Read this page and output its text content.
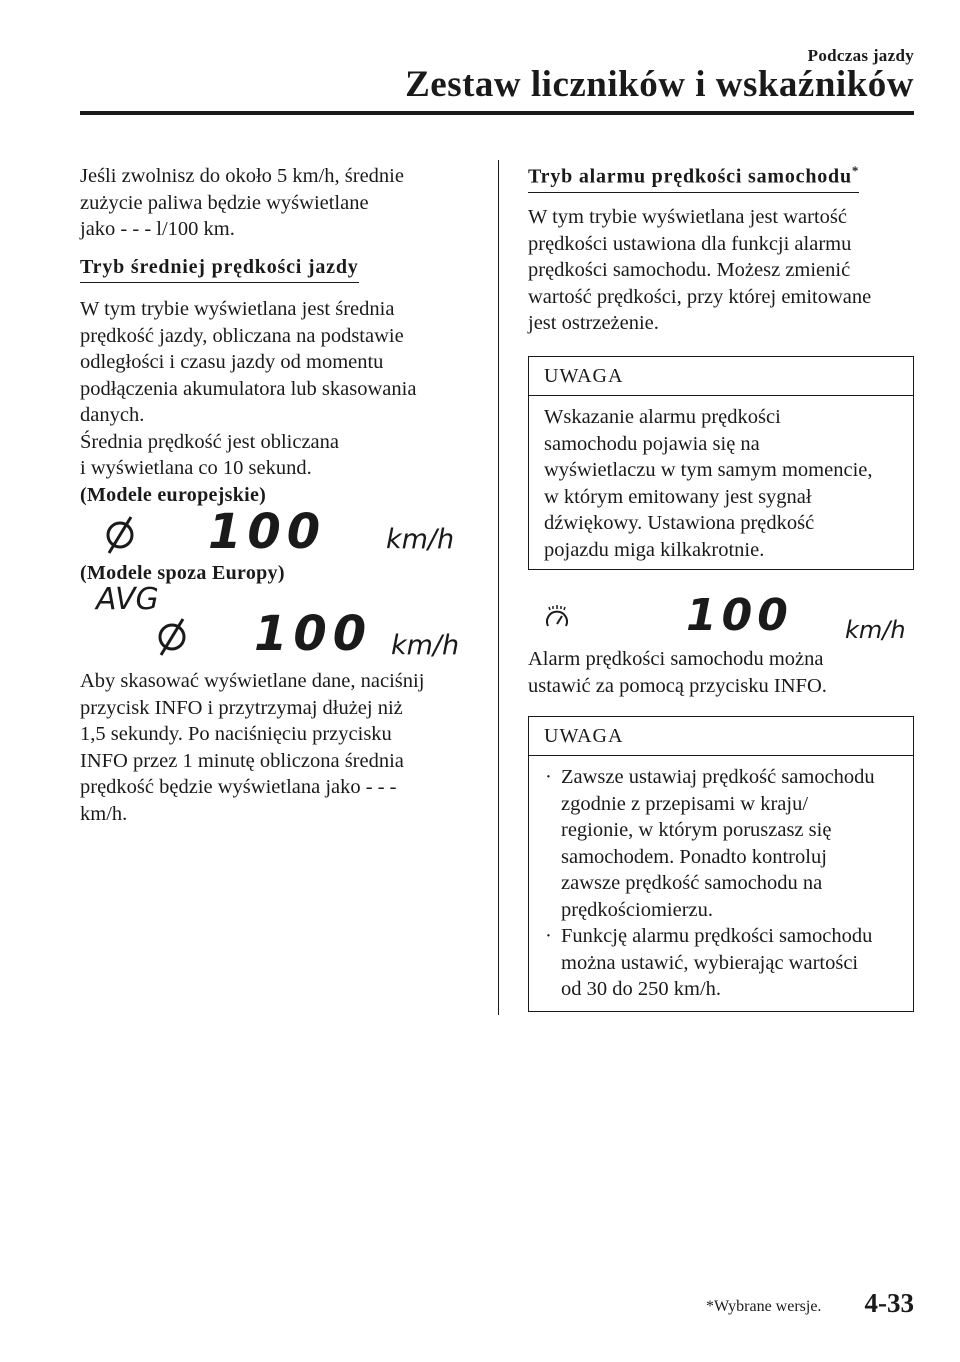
Podczas jazdy
Zestaw liczników i wskaźników

Jeśli zwolnisz do około 5 km/h, średnie

zużycie paliwa będzie wyświetlane

jako - - - l/100 km.

Tryb średniej prędkości jazdy

W tym trybie wyświetlana jest średnia

prędkość jazdy, obliczana na podstawie

odległości i czasu jazdy od momentu

podłączenia akumulatora lub skasowania

danych.

Średnia prędkość jest obliczana

i wyświetlana co 10 sekund.

(Modele europejskie)
100 km/h
(Modele spoza Europy)
AVG
100 km/h

Aby skasować wyświetlane dane, naciśnij

przycisk INFO i przytrzymaj dłużej niż

1,5 sekundy. Po naciśnięciu przycisku

INFO przez 1 minutę obliczona średnia

prędkość będzie wyświetlana jako - - -

km/h.

Tryb alarmu prędkości samochodu*

W tym trybie wyświetlana jest wartość

prędkości ustawiona dla funkcji alarmu

prędkości samochodu. Możesz zmienić

wartość prędkości, przy której emitowane

jest ostrzeżenie.

UWAGA

Wskazanie alarmu prędkości

samochodu pojawia się na

wyświetlaczu w tym samym momencie,

w którym emitowany jest sygnał

dźwiękowy. Ustawiona prędkość

pojazdu miga kilkakrotnie.

100 km/h

Alarm prędkości samochodu można

ustawić za pomocą przycisku INFO.

UWAGA
· Zawsze ustawiaj prędkość samochodu

zgodnie z przepisami w kraju/

regionie, w którym poruszasz się

samochodem. Ponadto kontroluj

zawsze prędkość samochodu na

prędkościomierzu.

· Funkcję alarmu prędkości samochodu

można ustawić, wybierając wartości

od 30 do 250 km/h.

*Wybrane wersje. 4-33
